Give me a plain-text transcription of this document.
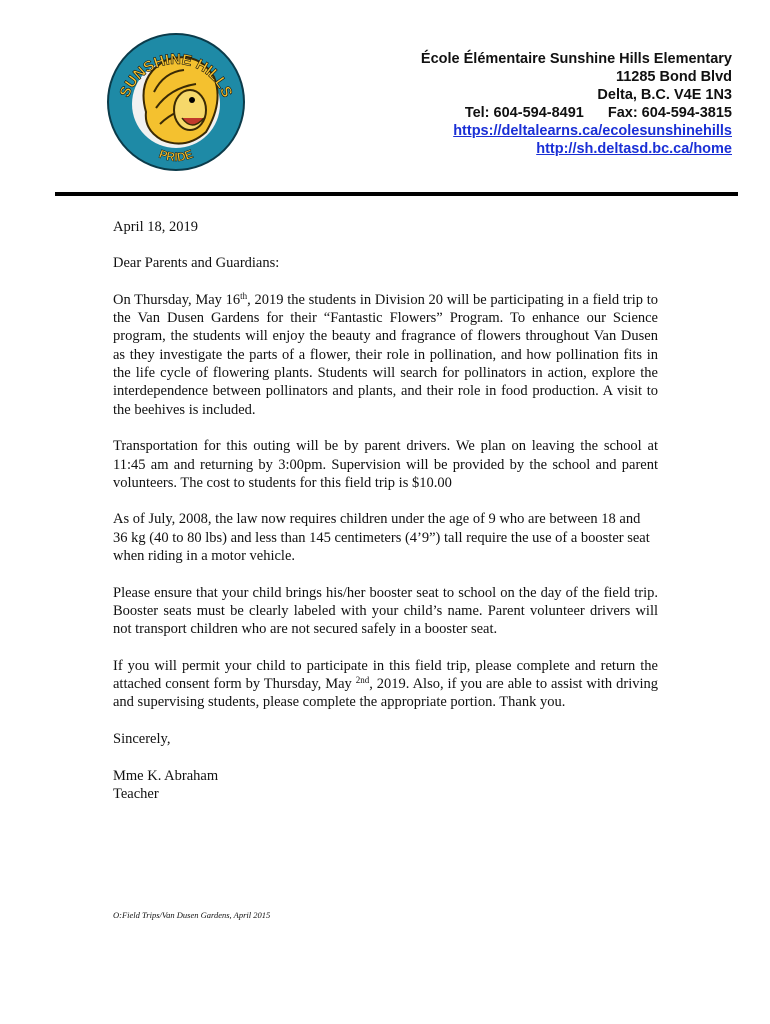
SUNSHINE HILLS
PRIDE
École Élémentaire Sunshine Hills Elementary
11285 Bond Blvd
Delta, B.C. V4E 1N3
Tel: 604-594-8491 Fax: 604-594-3815
https://deltalearns.ca/ecolesunshinehills
http://sh.deltasd.bc.ca/home

April 18, 2019

Dear Parents and Guardians:

On Thursday, May 16th, 2019 the students in Division 20 will be participating in a field trip to the Van Dusen Gardens for their “Fantastic Flowers” Program. To enhance our Science program, the students will enjoy the beauty and fragrance of flowers throughout Van Dusen as they investigate the parts of a flower, their role in pollination, and how pollination fits in the life cycle of flowering plants. Students will search for pollinators in action, explore the interdependence between pollinators and plants, and their role in food production. A visit to the beehives is included.

Transportation for this outing will be by parent drivers. We plan on leaving the school at 11:45 am and returning by 3:00pm. Supervision will be provided by the school and parent volunteers. The cost to students for this field trip is $10.00

As of July, 2008, the law now requires children under the age of 9 who are between 18 and 36 kg (40 to 80 lbs) and less than 145 centimeters (4’9”) tall require the use of a booster seat when riding in a motor vehicle.

Please ensure that your child brings his/her booster seat to school on the day of the field trip. Booster seats must be clearly labeled with your child’s name. Parent volunteer drivers will not transport children who are not secured safely in a booster seat.

If you will permit your child to participate in this field trip, please complete and return the attached consent form by Thursday, May $^{2nd}$, 2019. Also, if you are able to assist with driving and supervising students, please complete the appropriate portion. Thank you.

Sincerely,

Mme K. Abraham

Teacher

O:Field Trips/Van Dusen Gardens, April 2015
